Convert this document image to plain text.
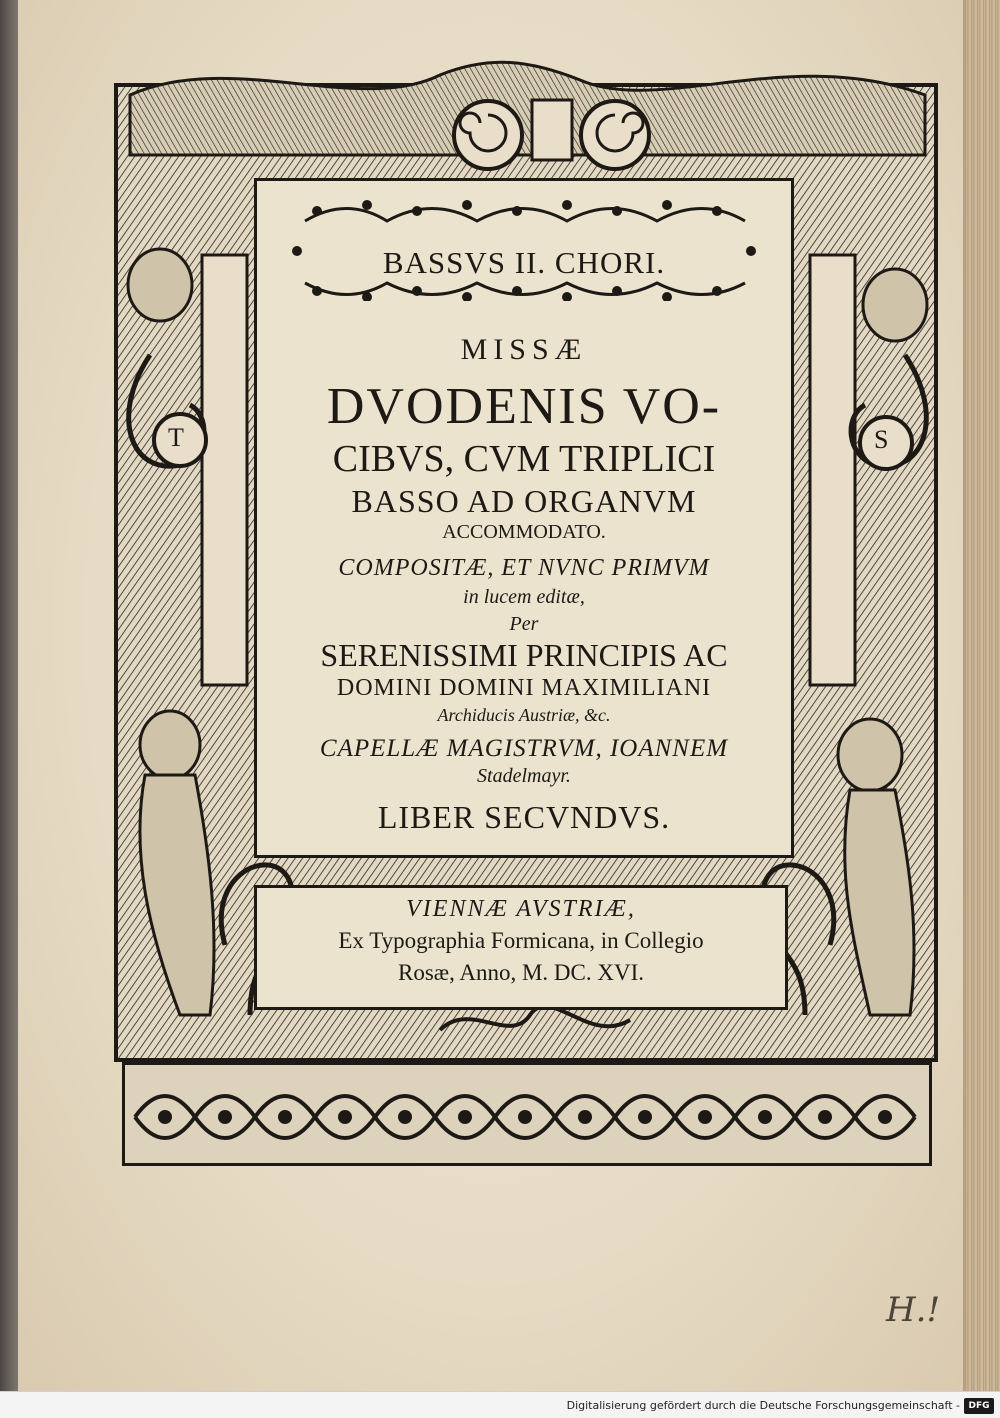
T	S
BASSVS II. CHORI.
MISSÆ
DVODENIS VO-
CIBVS, CVM TRIPLICI
BASSO AD ORGANVM
ACCOMMODATO.
COMPOSITÆ, ET NVNC PRIMVM
in lucem editæ,
Per
SERENISSIMI PRINCIPIS AC
DOMINI DOMINI MAXIMILIANI
Archiducis Austriæ, &c.
CAPELLÆ MAGISTRVM, IOANNEM
Stadelmayr.
LIBER SECVNDVS.
VIENNÆ AVSTRIÆ,
Ex Typographia Formicana, in Collegio
Rosæ, Anno, M. DC. XVI.
H.!
Digitalisierung gefördert durch die Deutsche Forschungsgemeinschaft - DFG
